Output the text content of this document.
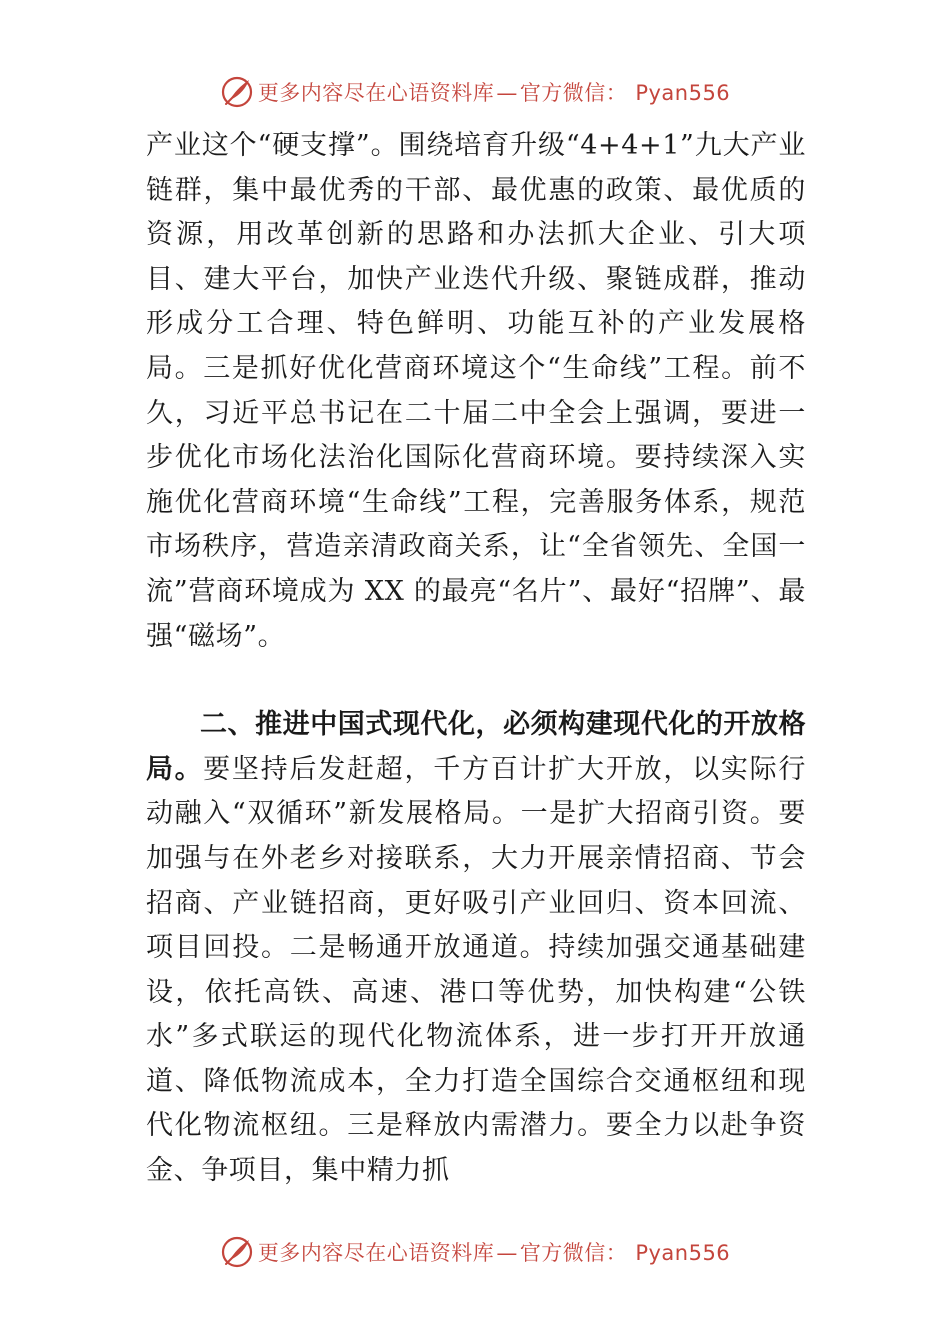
更多内容尽在心语资料库—官方微信： Pyan556

产业这个“硬支撑”。围绕培育升级“4+4+1”九大产业链群，集中最优秀的干部、最优惠的政策、最优质的资源，用改革创新的思路和办法抓大企业、引大项目、建大平台，加快产业迭代升级、聚链成群，推动形成分工合理、特色鲜明、功能互补的产业发展格局。三是抓好优化营商环境这个“生命线”工程。前不久，习近平总书记在二十届二中全会上强调，要进一步优化市场化法治化国际化营商环境。要持续深入实施优化营商环境“生命线”工程，完善服务体系，规范市场秩序，营造亲清政商关系，让“全省领先、全国一流”营商环境成为 XX 的最亮“名片”、最好“招牌”、最强“磁场”。

二、推进中国式现代化，必须构建现代化的开放格局。要坚持后发赶超，千方百计扩大开放，以实际行动融入“双循环”新发展格局。一是扩大招商引资。要加强与在外老乡对接联系，大力开展亲情招商、节会招商、产业链招商，更好吸引产业回归、资本回流、项目回投。二是畅通开放通道。持续加强交通基础建设，依托高铁、高速、港口等优势，加快构建“公铁水”多式联运的现代化物流体系，进一步打开开放通道、降低物流成本，全力打造全国综合交通枢纽和现代化物流枢纽。三是释放内需潜力。要全力以赴争资金、争项目，集中精力抓

更多内容尽在心语资料库—官方微信： Pyan556
